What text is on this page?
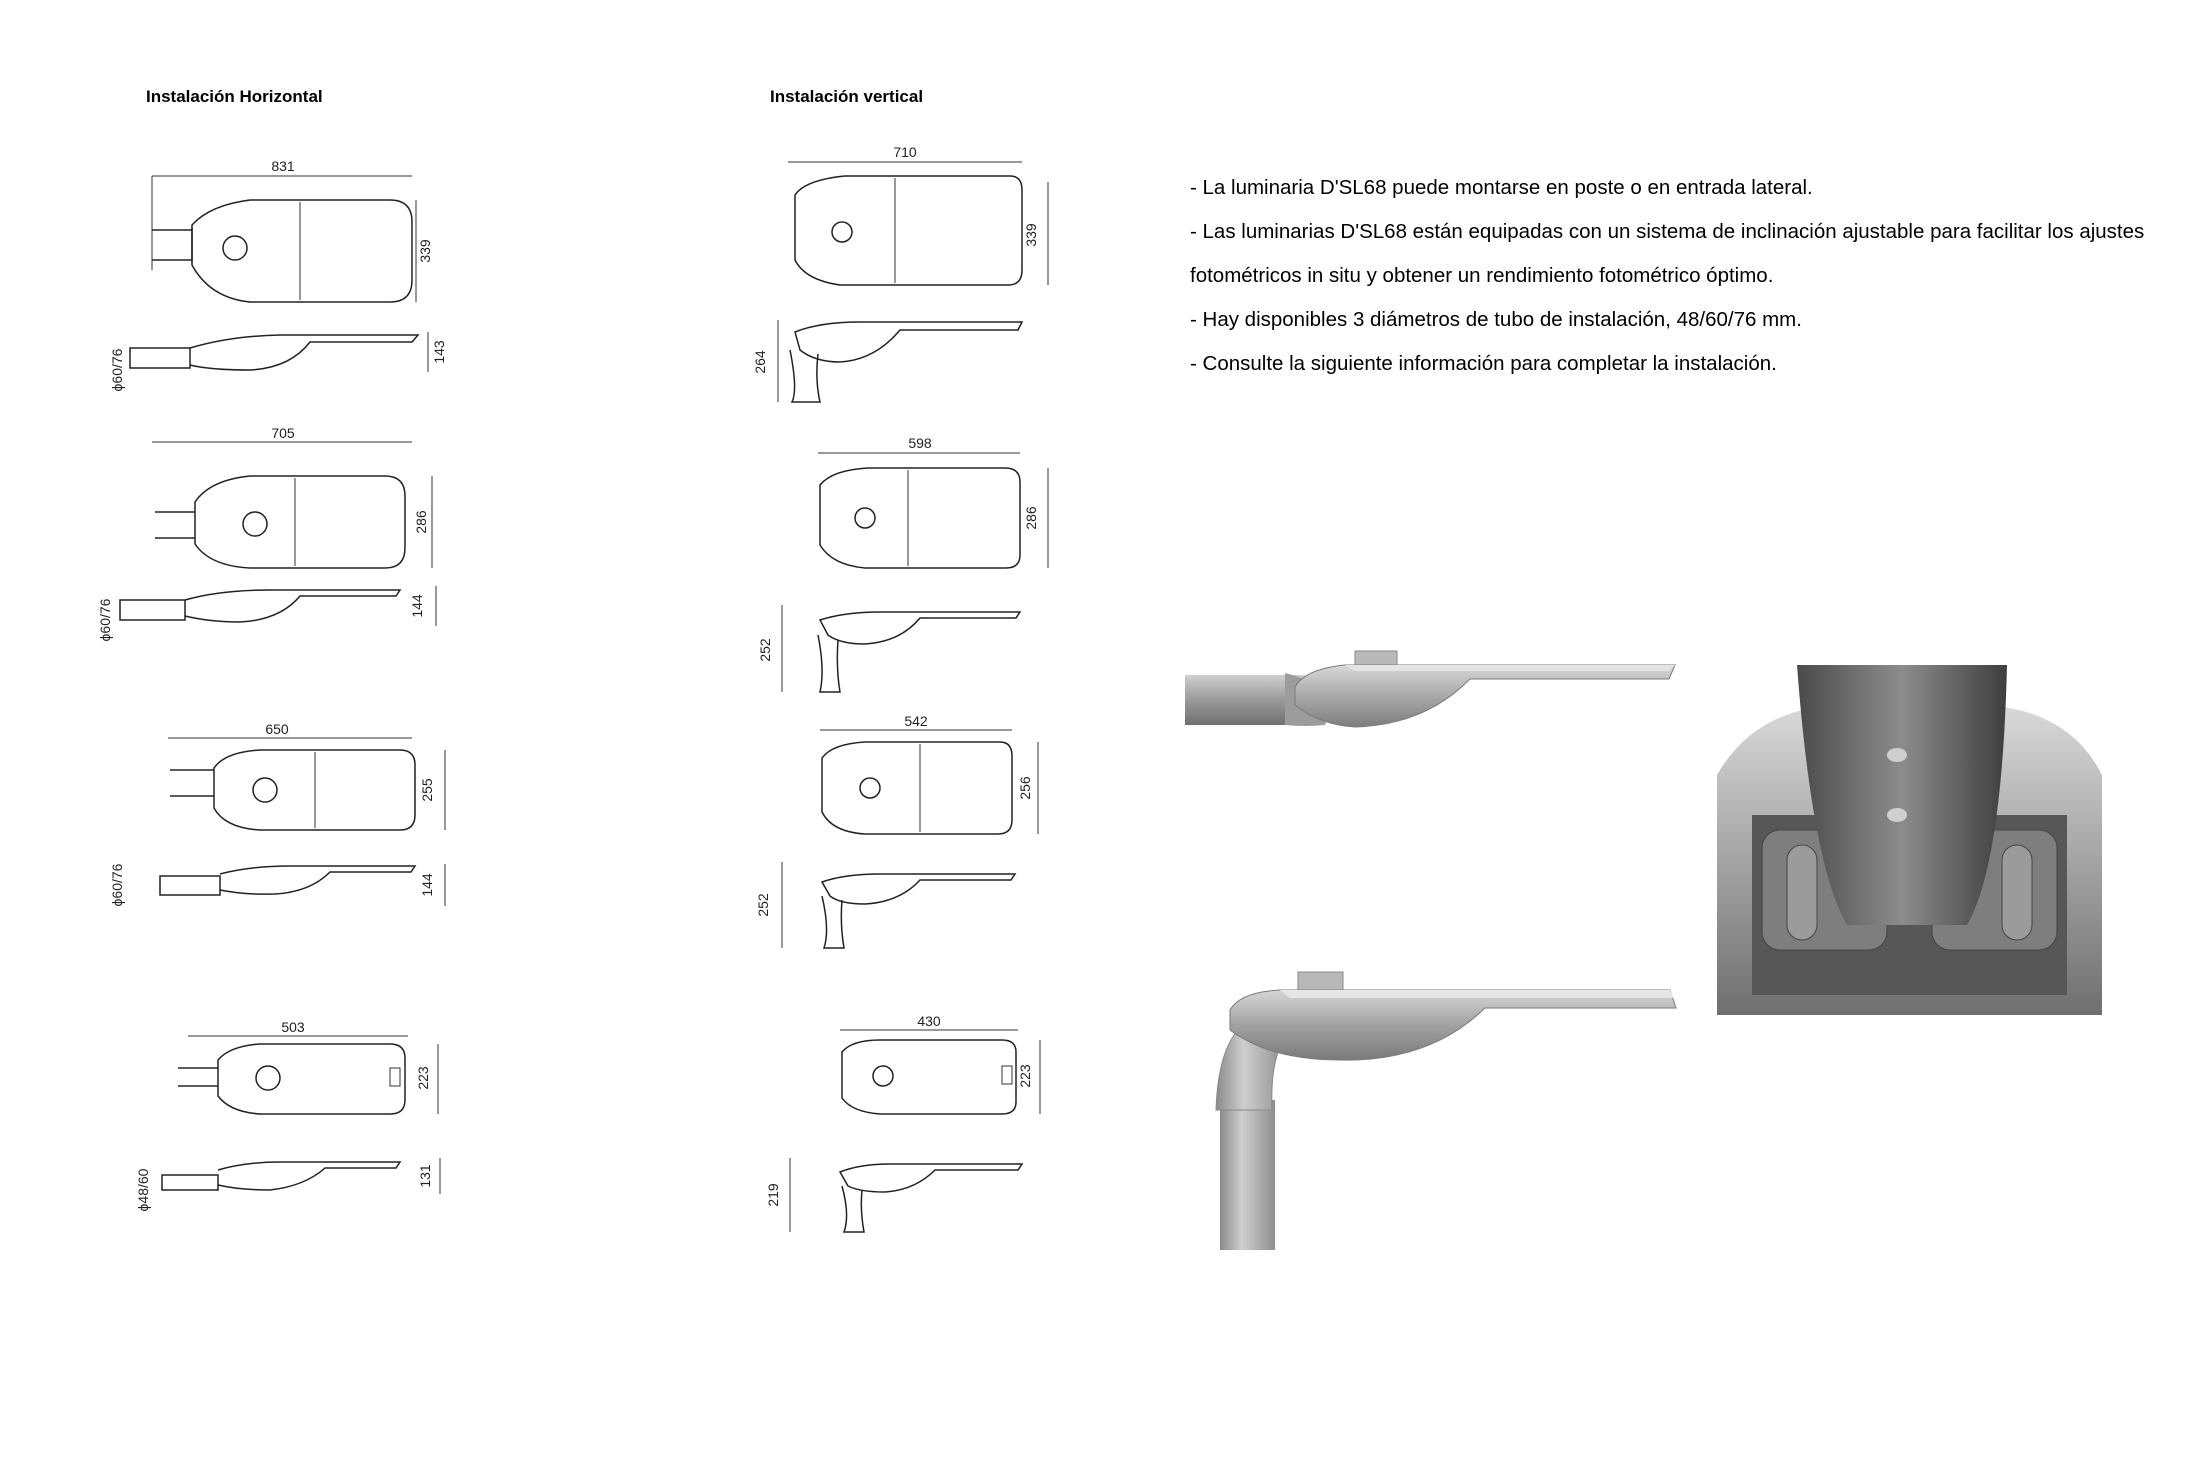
Instalación Horizontal	Instalación vertical

- La luminaria D'SL68 puede montarse en poste o en entrada lateral.

- Las luminarias D'SL68 están equipadas con un sistema de inclinación ajustable para facilitar los ajustes fotométricos in situ y obtener un rendimiento fotométrico óptimo.

- Hay disponibles 3 diámetros de tubo de instalación, 48/60/76 mm.

- Consulte la siguiente información para completar la instalación.

831
339
143
ϕ60/76
705
286
144
ϕ60/76
650
255
144
ϕ60/76
503
223
131
ϕ48/60
710
339
264
598
286
252
542
256
252
430
223
219
